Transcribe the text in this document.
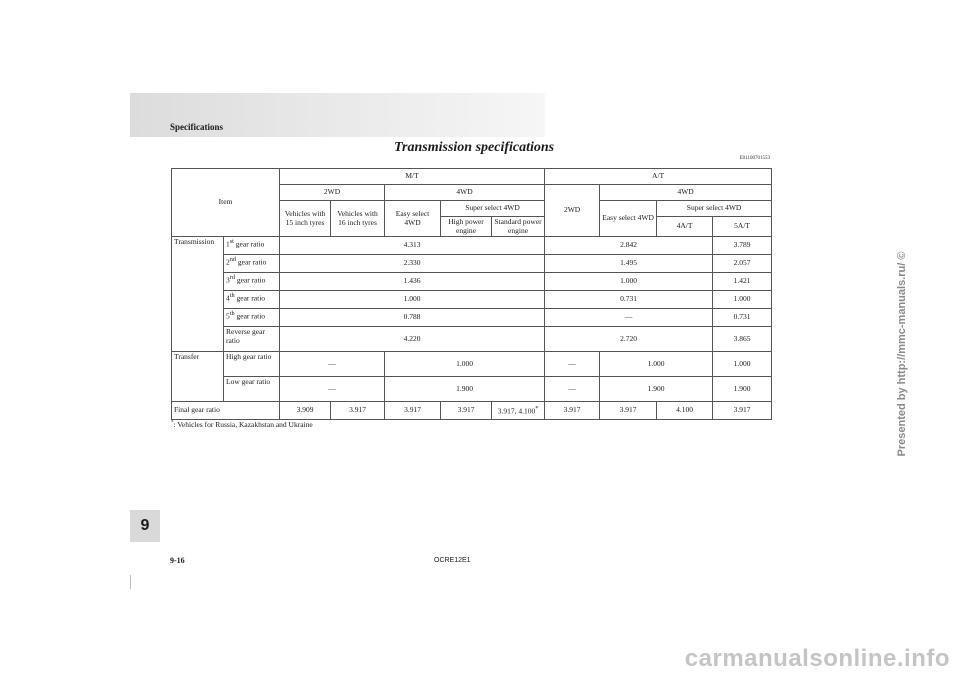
Specifications
Transmission specifications
E01100701553
Item		M/T					A/T			
		2WD		4WD			2WD	4WD		
		Vehicles with 15 inch tyres	Vehicles with 16 inch tyres	Easy select 4WD	Super select 4WD			Easy select 4WD	Super select 4WD	
					High power engine	Standard power engine			4A/T	5A/T
Transmission	1st gear ratio	4.313					2.842			3.789
	2nd gear ratio	2.330					1.495			2.057
	3rd gear ratio	1.436					1.000			1.421
	4th gear ratio	1.000					0.731			1.000
	5th gear ratio	0.788					—			0.731
	Reverse gear ratio	4.220					2.720			3.865
Transfer	High gear ratio	—		1.000			—	1.000		1.000
	Low gear ratio	—		1.900			—	1.900		1.900
Final gear ratio		3.909	3.917	3.917	3.917	3.917, 4.100*	3.917	3.917	4.100	3.917
*: Vehicles for Russia, Kazakhstan and Ukraine
9
9-16	OCRE12E1
Presented by http://mmc-manuals.ru/ ©
carmanualsonline.info
